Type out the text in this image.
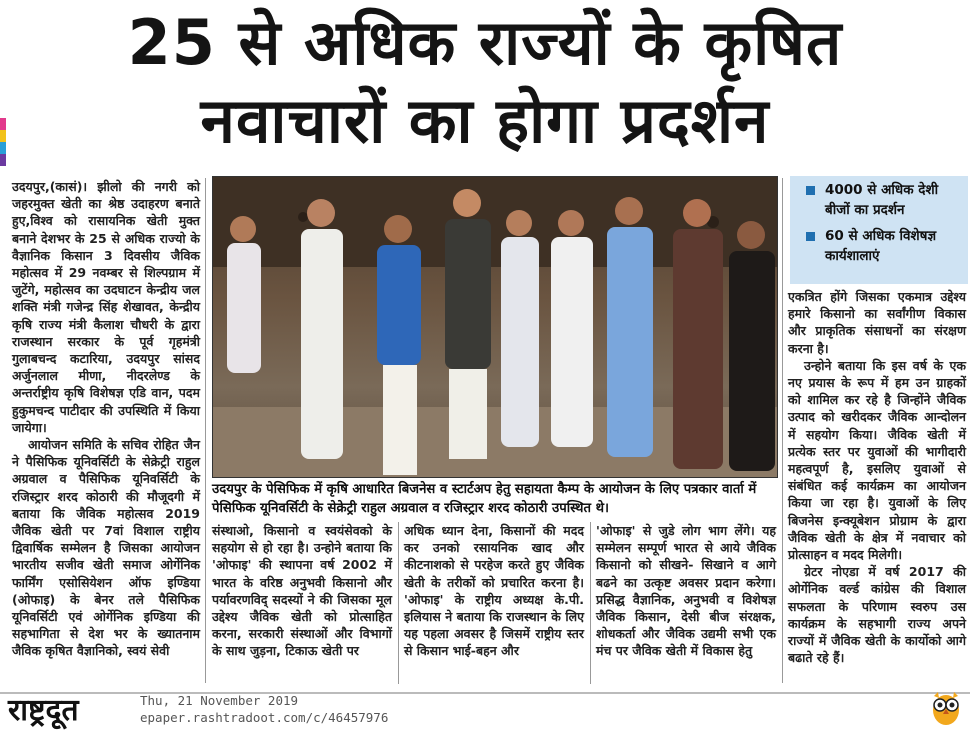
25 से अधिक राज्यों के कृषित
नवाचारों का होगा प्रदर्शन

उदयपुर,(कासं)। झीलो की नगरी को जहरमुक्त खेती का श्रेष्ठ उदाहरण बनाते हुए,विश्व को रासायनिक खेती मुक्त बनाने देशभर के 25 से अधिक राज्यो के वैज्ञानिक किसान 3 दिवसीय जैविक महोत्सव में 29 नवम्बर से शिल्पग्राम में जुटेंगे, महोत्सव का उदघाटन केन्द्रीय जल शक्ति मंत्री गजेन्द्र सिंह शेखावत, केन्द्रीय कृषि राज्य मंत्री कैलाश चौधरी के द्वारा राजस्थान सरकार के पूर्व गृहमंत्री गुलाबचन्द कटारिया, उदयपुर सांसद अर्जुनलाल मीणा, नीदरलेण्ड के अन्तर्राष्ट्रीय कृषि विशेषज्ञ एडि वान, पदम हुकुमचन्द पाटीदार की उपस्थिति में किया जायेगा।

आयोजन समिति के सचिव रोहित जैन ने पैसिफिक यूनिवर्सिटी के सेक्रेट्री राहुल अग्रवाल व पैसिफिक यूनिवर्सिटी के रजिस्ट्रार शरद कोठारी की मौजूदगी में बताया कि जैविक महोत्सव 2019 जैविक खेती पर 7वां विशाल राष्ट्रीय द्विवार्षिक सम्मेलन है जिसका आयोजन भारतीय सजीव खेती समाज ओर्गेनिक फार्मिंग एसोसियेशन ऑफ इण्डिया (ओफाइ) के बेनर तले पैसिफिक यूनिवर्सिटी एवं ओर्गेनिक इण्डिया की सहभागिता से देश भर के ख्यातनाम जैविक कृषित वैज्ञानिको, स्वयं सेवी

उदयपुर के पेसिफिक में कृषि आधारित बिजनेस व स्टार्टअप हेतु सहायता कैम्प के आयोजन के लिए पत्रकार वार्ता में पेसिफिक यूनिवर्सिटी के सेक्रेट्री राहुल अग्रवाल व रजिस्ट्रार शरद कोठारी उपस्थित थे।

4000 से अधिक देशी बीजों का प्रदर्शन
60 से अधिक विशेषज्ञ कार्यशालाएं

संस्थाओ, किसानो व स्वयंसेवको के सहयोग से हो रहा है। उन्होने बताया कि 'ओफाइ' की स्थापना वर्ष 2002 में भारत के वरिष्ठ अनुभवी किसानो और पर्यावरणविद् सदस्यों ने की जिसका मूल उद्देश्य जैविक खेती को प्रोत्साहित करना, सरकारी संस्थाओं और विभागों के साथ जुड़ना, टिकाऊ खेती पर

अधिक ध्यान देना, किसानों की मदद कर उनको रसायनिक खाद और कीटनाशको से परहेज करते हुए जैविक खेती के तरीकों को प्रचारित करना है। 'ओफाइ' के राष्ट्रीय अध्यक्ष के.पी. इलियास ने बताया कि राजस्थान के लिए यह पहला अवसर है जिसमें राष्ट्रीय स्तर से किसान भाई-बहन और

'ओफाइ' से जुडे लोग भाग लेंगे। यह सम्मेलन सम्पूर्ण भारत से आये जैविक किसानो को सीखने- सिखाने व आगे बढने का उत्कृष्ट अवसर प्रदान करेगा। प्रसिद्ध वैज्ञानिक, अनुभवी व विशेषज्ञ जैविक किसान, देसी बीज संरक्षक, शोधकर्ता और जैविक उद्यमी सभी एक मंच पर जैविक खेती में विकास हेतु

एकत्रित होंगे जिसका एकमात्र उद्देश्य हमारे किसानो का सर्वांगीण विकास और प्राकृतिक संसाधनों का संरक्षण करना है।

उन्होने बताया कि इस वर्ष के एक नए प्रयास के रूप में हम उन ग्राहकों को शामिल कर रहे है जिन्होंने जैविक उत्पाद को खरीदकर जैविक आन्दोलन में सहयोग किया। जैविक खेती में प्रत्येक स्तर पर युवाओं की भागीदारी महत्वपूर्ण है, इसलिए युवाओं से संबंधित कई कार्यक्रम का आयोजन किया जा रहा है। युवाओं के लिए बिजनेस इन्क्यूबेशन प्रोग्राम के द्वारा जैविक खेती के क्षेत्र में नवाचार को प्रोत्साहन व मदद मिलेगी।

ग्रेटर नोएडा में वर्ष 2017 की ओर्गेनिक वर्ल्ड कांग्रेस की विशाल सफलता के परिणाम स्वरुप उस कार्यक्रम के सहभागी राज्य अपने राज्यों में जैविक खेती के कार्योको आगे बढाते रहे हैं।

राष्ट्रदूत	Thu, 21 November 2019
epaper.rashtradoot.com/c/46457976
